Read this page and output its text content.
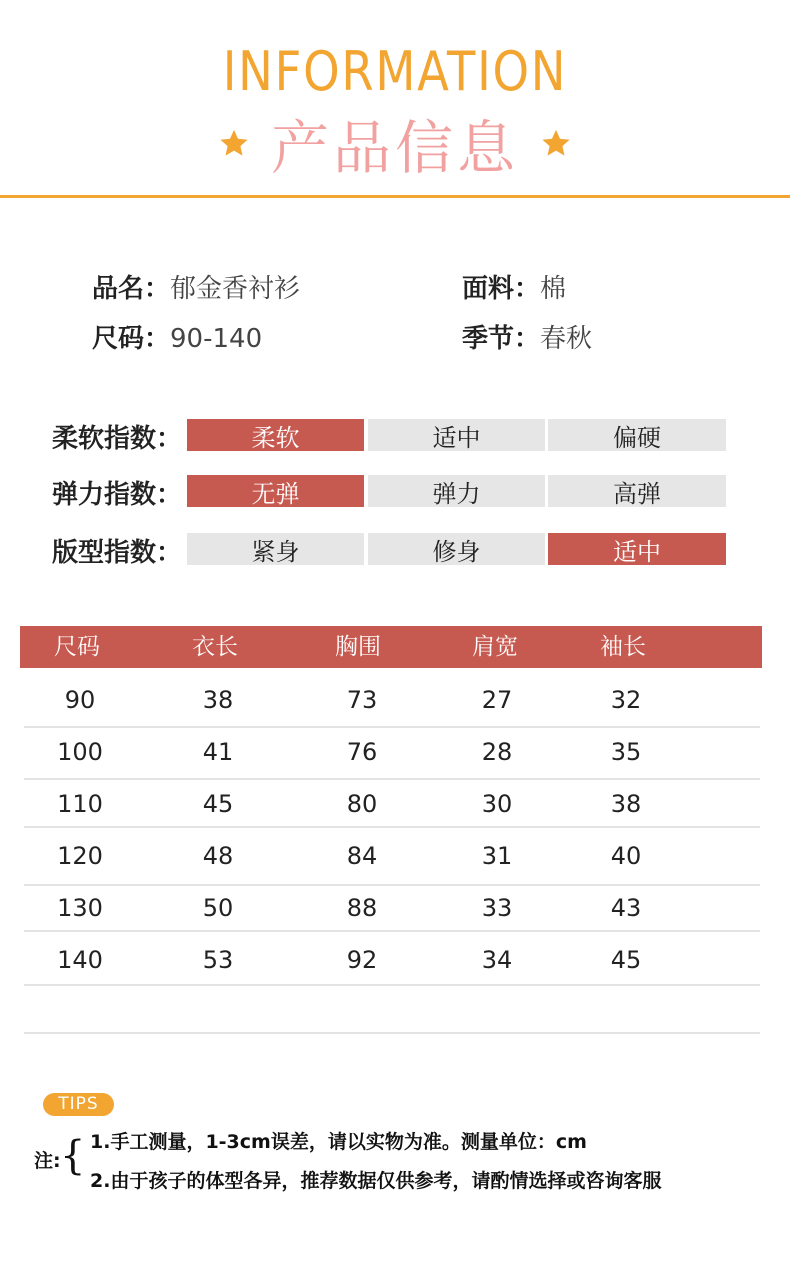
INFORMATION
产品信息
品名：郁金香衬衫	面料：棉
尺码：90-140	季节：春秋
柔软指数：	柔软	适中	偏硬
弹力指数：	无弹	弹力	高弹
版型指数：	紧身	修身	适中
尺码	衣长	胸围	肩宽	袖长
90	38	73	27	32
100	41	76	28	35
110	45	80	30	38
120	48	84	31	40
130	50	88	33	43
140	53	92	34	45
TIPS
注: { 1.手工测量，1-3cm误差，请以实物为准。测量单位：cm
2.由于孩子的体型各异，推荐数据仅供参考，请酌情选择或咨询客服
